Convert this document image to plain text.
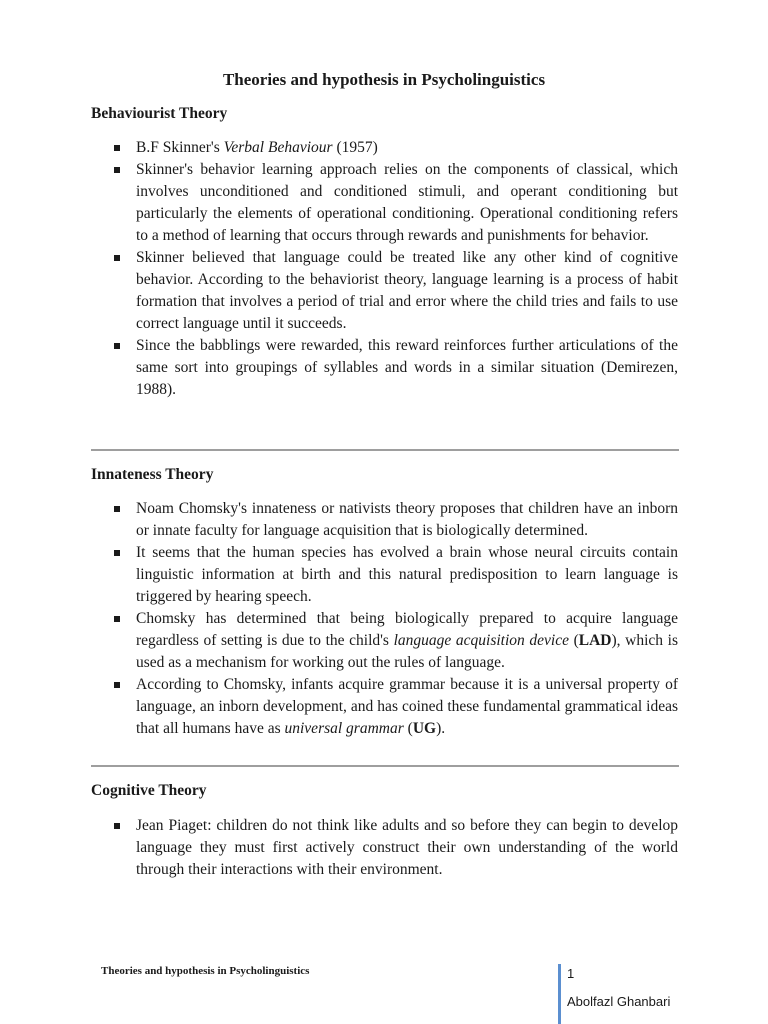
Theories and hypothesis in Psycholinguistics
Behaviourist Theory
B.F Skinner's Verbal Behaviour (1957)
Skinner's behavior learning approach relies on the components of classical, which involves unconditioned and conditioned stimuli, and operant conditioning but particularly the elements of operational conditioning. Operational conditioning refers to a method of learning that occurs through rewards and punishments for behavior.
Skinner believed that language could be treated like any other kind of cognitive behavior. According to the behaviorist theory, language learning is a process of habit formation that involves a period of trial and error where the child tries and fails to use correct language until it succeeds.
Since the babblings were rewarded, this reward reinforces further articulations of the same sort into groupings of syllables and words in a similar situation (Demirezen, 1988).
Innateness Theory
Noam Chomsky's innateness or nativists theory proposes that children have an inborn or innate faculty for language acquisition that is biologically determined.
It seems that the human species has evolved a brain whose neural circuits contain linguistic information at birth and this natural predisposition to learn language is triggered by hearing speech.
Chomsky has determined that being biologically prepared to acquire language regardless of setting is due to the child's language acquisition device (LAD), which is used as a mechanism for working out the rules of language.
According to Chomsky, infants acquire grammar because it is a universal property of language, an inborn development, and has coined these fundamental grammatical ideas that all humans have as universal grammar (UG).
Cognitive Theory
Jean Piaget: children do not think like adults and so before they can begin to develop language they must first actively construct their own understanding of the world through their interactions with their environment.
Theories and hypothesis in Psycholinguistics	1
Abolfazl Ghanbari
